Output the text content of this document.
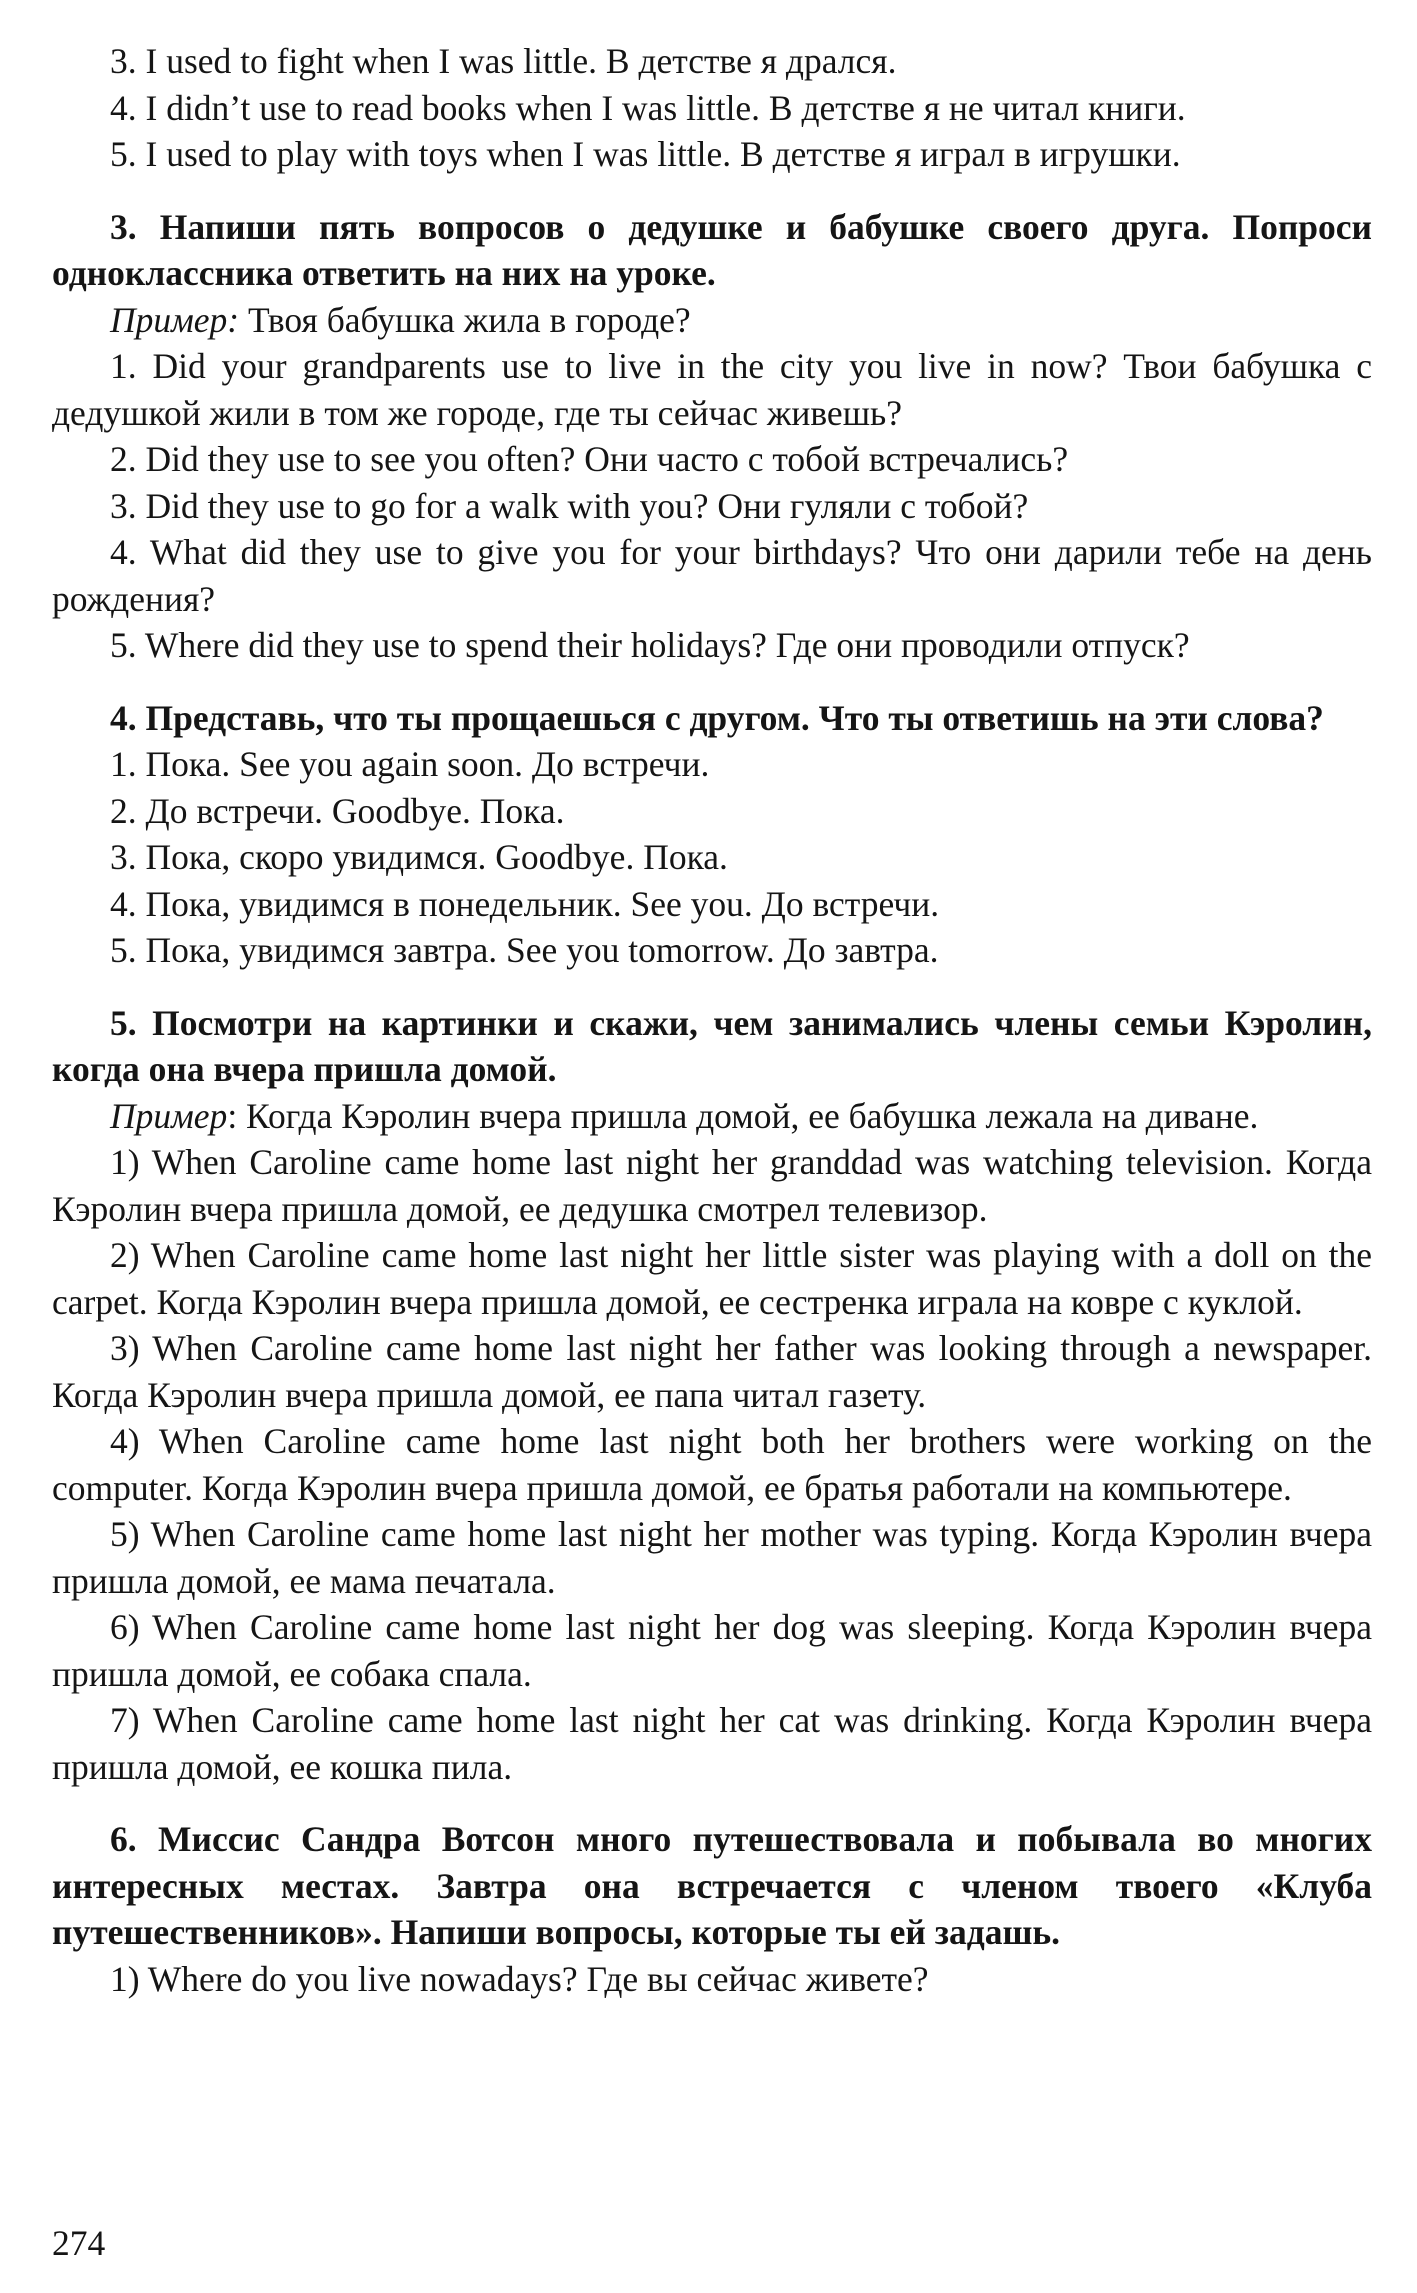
3. I used to fight when I was little. В детстве я дрался.

4. I didn’t use to read books when I was little. В детстве я не читал книги.

5. I used to play with toys when I was little. В детстве я играл в игрушки.

3. Напиши пять вопросов о дедушке и бабушке своего друга. Попроси одноклассника ответить на них на уроке.

Пример: Твоя бабушка жила в городе?

1. Did your grandparents use to live in the city you live in now? Твои бабушка с дедушкой жили в том же городе, где ты сейчас живешь?

2. Did they use to see you often? Они часто с тобой встречались?

3. Did they use to go for a walk with you? Они гуляли с тобой?

4. What did they use to give you for your birthdays? Что они дарили тебе на день рождения?

5. Where did they use to spend their holidays? Где они проводили отпуск?

4. Представь, что ты прощаешься с другом. Что ты ответишь на эти слова?

1. Пока. See you again soon. До встречи.

2. До встречи. Goodbye. Пока.

3. Пока, скоро увидимся. Goodbye. Пока.

4. Пока, увидимся в понедельник. See you. До встречи.

5. Пока, увидимся завтра. See you tomorrow. До завтра.

5. Посмотри на картинки и скажи, чем занимались члены семьи Кэролин, когда она вчера пришла домой.

Пример: Когда Кэролин вчера пришла домой, ее бабушка лежала на диване.

1) When Caroline came home last night her granddad was watching television. Когда Кэролин вчера пришла домой, ее дедушка смотрел телевизор.

2) When Caroline came home last night her little sister was playing with a doll on the carpet. Когда Кэролин вчера пришла домой, ее сестренка играла на ковре с куклой.

3) When Caroline came home last night her father was looking through a newspaper. Когда Кэролин вчера пришла домой, ее папа читал газету.

4) When Caroline came home last night both her brothers were working on the computer. Когда Кэролин вчера пришла домой, ее братья работали на компьютере.

5) When Caroline came home last night her mother was typing. Когда Кэролин вчера пришла домой, ее мама печатала.

6) When Caroline came home last night her dog was sleeping. Когда Кэролин вчера пришла домой, ее собака спала.

7) When Caroline came home last night her cat was drinking. Когда Кэролин вчера пришла домой, ее кошка пила.

6. Миссис Сандра Вотсон много путешествовала и побывала во многих интересных местах. Завтра она встречается с членом твоего «Клуба путешественников». Напиши вопросы, которые ты ей задашь.

1) Where do you live nowadays? Где вы сейчас живете?

274
